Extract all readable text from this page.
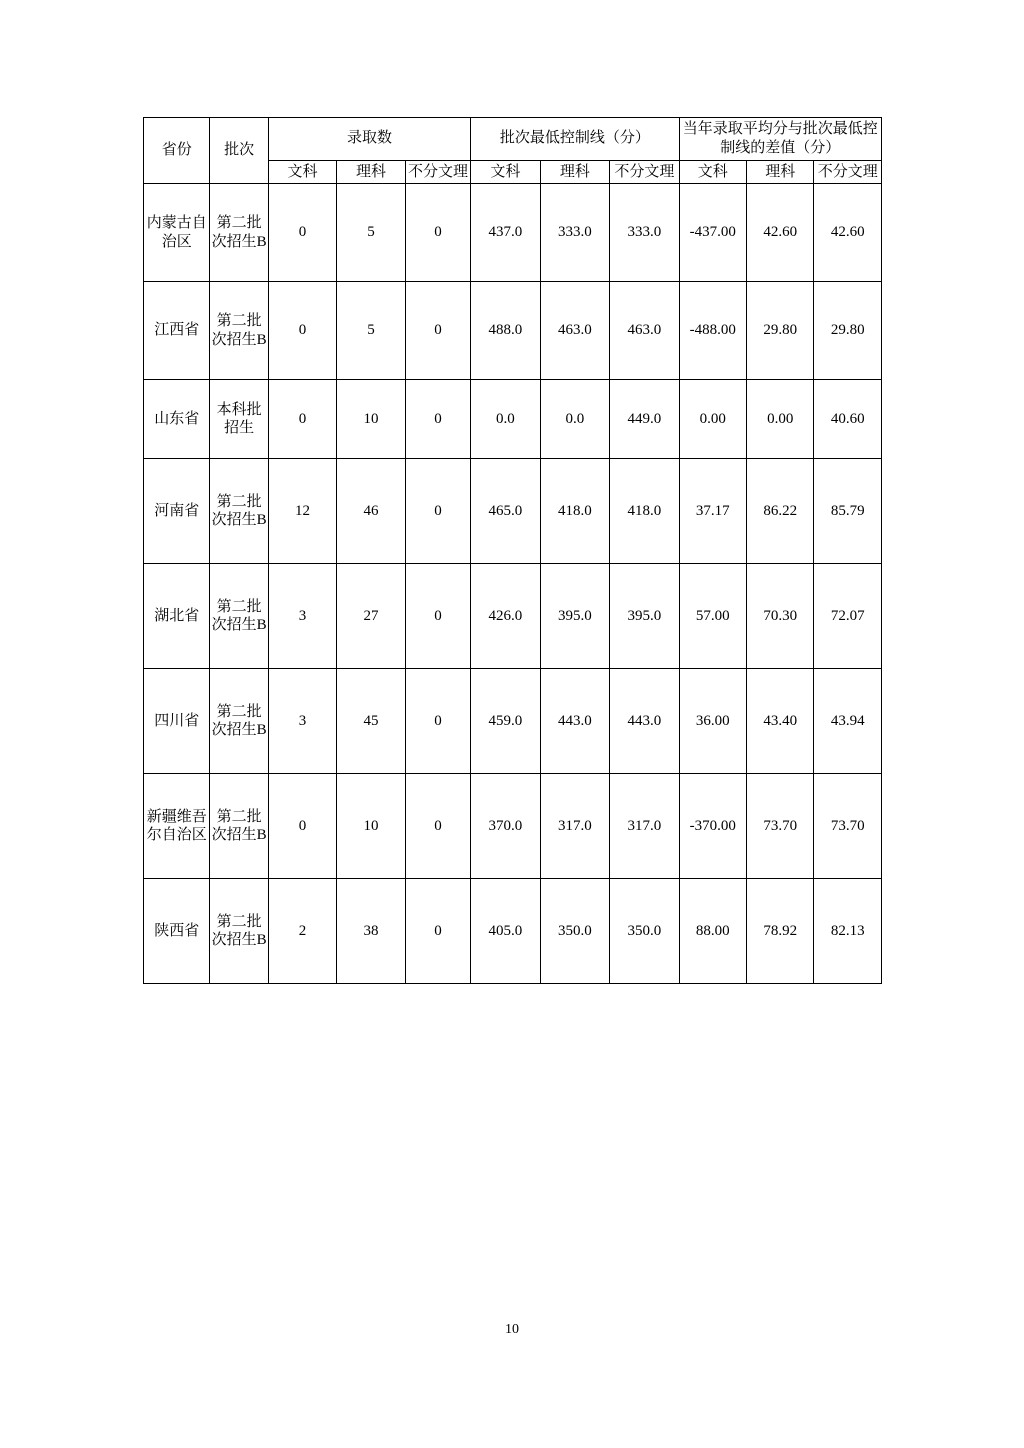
省份	批次	录取数			批次最低控制线（分）			当年录取平均分与批次最低控制线的差值（分）		
		文科	理科	不分文理	文科	理科	不分文理	文科	理科	不分文理
内蒙古自治区	第二批次招生B	0	5	0	437.0	333.0	333.0	-437.00	42.60	42.60
江西省	第二批次招生B	0	5	0	488.0	463.0	463.0	-488.00	29.80	29.80
山东省	本科批招生	0	10	0	0.0	0.0	449.0	0.00	0.00	40.60
河南省	第二批次招生B	12	46	0	465.0	418.0	418.0	37.17	86.22	85.79
湖北省	第二批次招生B	3	27	0	426.0	395.0	395.0	57.00	70.30	72.07
四川省	第二批次招生B	3	45	0	459.0	443.0	443.0	36.00	43.40	43.94
新疆维吾尔自治区	第二批次招生B	0	10	0	370.0	317.0	317.0	-370.00	73.70	73.70
陕西省	第二批次招生B	2	38	0	405.0	350.0	350.0	88.00	78.92	82.13
10
